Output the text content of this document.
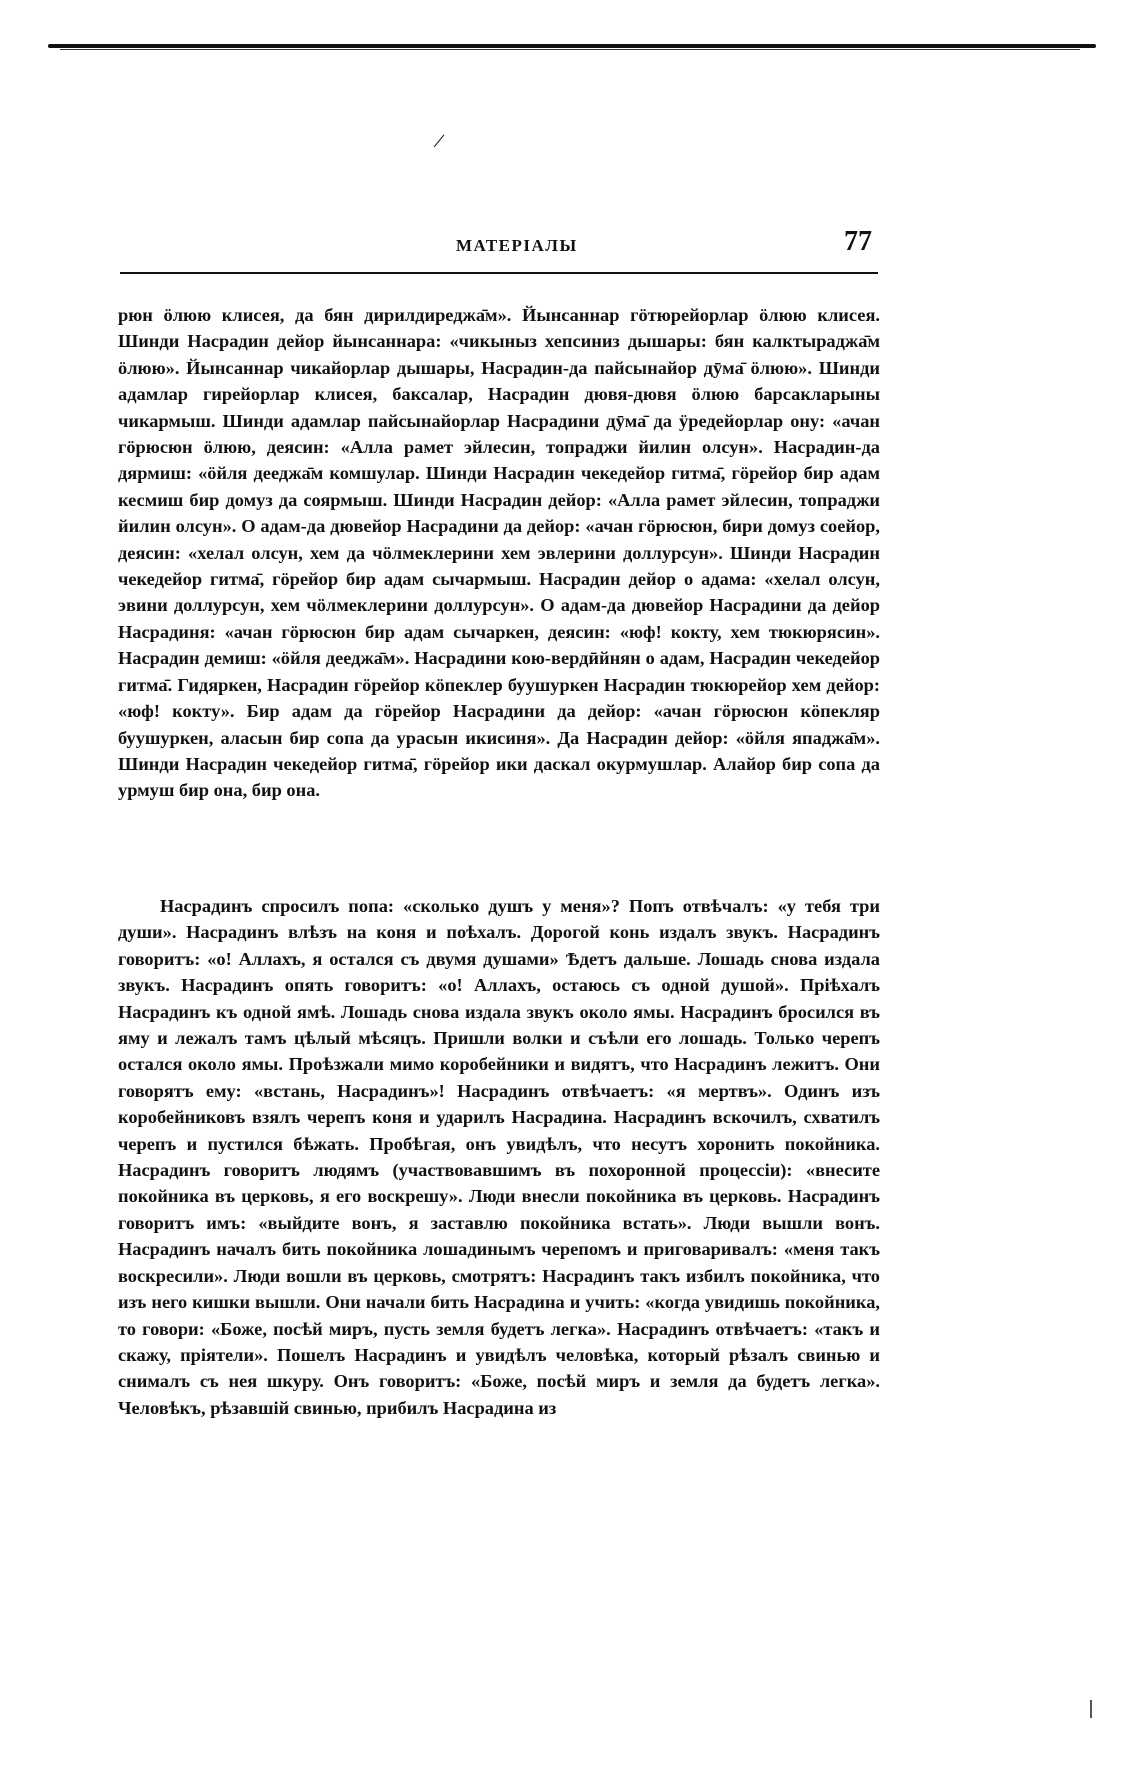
/
МАТЕРІАЛЫ	77

рюн ӧлюю клисея, да бян дирилдиреджа̄м». Йынсаннар гӧтюрейорлар ӧлюю клисея. Шинди Насрадин дейор йынсаннара: «чикыныз хепсиниз дышары: бян калктыраджа̄м ӧлюю». Йынсаннар чикайорлар дышары, Насрадин-да пайсынайор дӯма̄ ӧлюю». Шинди адамлар гирейорлар клисея, баксалар, Насрадин дювя-дювя ӧлюю барсакларыны чикармыш. Шинди адамлар пайсынайорлар Насрадини дӯма̄ да ӱредейорлар ону: «ачан гӧрюсюн ӧлюю, деясин: «Алла рамет эйлесин, топраджи йилин олсун». Насрадин-да дярмиш: «ӧйля дееджа̄м комшулар. Шинди Насрадин чекедейор гитма̄, гӧрейор бир адам кесмиш бир домуз да соярмыш. Шинди Насрадин дейор: «Алла рамет эйлесин, топраджи йилин олсун». О адам-да дювейор Насрадини да дейор: «ачан гӧрюсюн, бири домуз соейор, деясин: «хелал олсун, хем да чӧлмеклерини хем эвлерини доллурсун». Шинди Насрадин чекедейор гитма̄, гӧрейор бир адам сычармыш. Насрадин дейор о адама: «хелал олсун, эвини доллурсун, хем чӧлмеклерини доллурсун». О адам-да дювейор Насрадини да дейор Насрадиня: «ачан гӧрюсюн бир адам сычаркен, деясин: «юф! кокту, хем тюкюрясин». Насрадин демиш: «ӧйля дееджа̄м». Насрадини кою-вердӣйнян о адам, Насрадин чекедейор гитма̄. Гидяркен, Насрадин гӧрейор кӧпеклер буушуркен Насрадин тюкюрейор хем дейор: «юф! кокту». Бир адам да гӧрейор Насрадини да дейор: «ачан гӧрюсюн кӧпекляр буушуркен, аласын бир сопа да урасын икисиня». Да Насрадин дейор: «ӧйля япаджа̄м». Шинди Насрадин чекедейор гитма̄, гӧрейор ики даскал окурмушлар. Алайор бир сопа да урмуш бир она, бир она.

Насрадинъ спросилъ попа: «сколько душъ у меня»? Попъ отвѣчалъ: «у тебя три души». Насрадинъ влѣзъ на коня и поѣхалъ. Дорогой конь издалъ звукъ. Насрадинъ говоритъ: «о! Аллахъ, я остался съ двумя душами» Ѣдетъ дальше. Лошадь снова издала звукъ. Насрадинъ опять говоритъ: «о! Аллахъ, остаюсь съ одной душой». Пріѣхалъ Насрадинъ къ одной ямѣ. Лошадь снова издала звукъ около ямы. Насрадинъ бросился въ яму и лежалъ тамъ цѣлый мѣсяцъ. Пришли волки и съѣли его лошадь. Только черепъ остался около ямы. Проѣзжали мимо коробейники и видятъ, что Насрадинъ лежитъ. Они говорятъ ему: «встань, Насрадинъ»! Насрадинъ отвѣчаетъ: «я мертвъ». Одинъ изъ коробейниковъ взялъ черепъ коня и ударилъ Насрадина. Насрадинъ вскочилъ, схватилъ черепъ и пустился бѣжать. Пробѣгая, онъ увидѣлъ, что несутъ хоронить покойника. Насрадинъ говоритъ людямъ (участвовавшимъ въ похоронной процессіи): «внесите покойника въ церковь, я его воскрешу». Люди внесли покойника въ церковь. Насрадинъ говоритъ имъ: «выйдите вонъ, я заставлю покойника встать». Люди вышли вонъ. Насрадинъ началъ бить покойника лошадинымъ черепомъ и приговаривалъ: «меня такъ воскресили». Люди вошли въ церковь, смотрятъ: Насрадинъ такъ избилъ покойника, что изъ него кишки вышли. Они начали бить Насрадина и учить: «когда увидишь покойника, то говори: «Боже, посѣй миръ, пусть земля будетъ легка». Насрадинъ отвѣчаетъ: «такъ и скажу, пріятели». Пошелъ Насрадинъ и увидѣлъ человѣка, который рѣзалъ свинью и снималъ съ нея шкуру. Онъ говоритъ: «Боже, посѣй миръ и земля да будетъ легка». Человѣкъ, рѣзавшій свинью, прибилъ Насрадина из
